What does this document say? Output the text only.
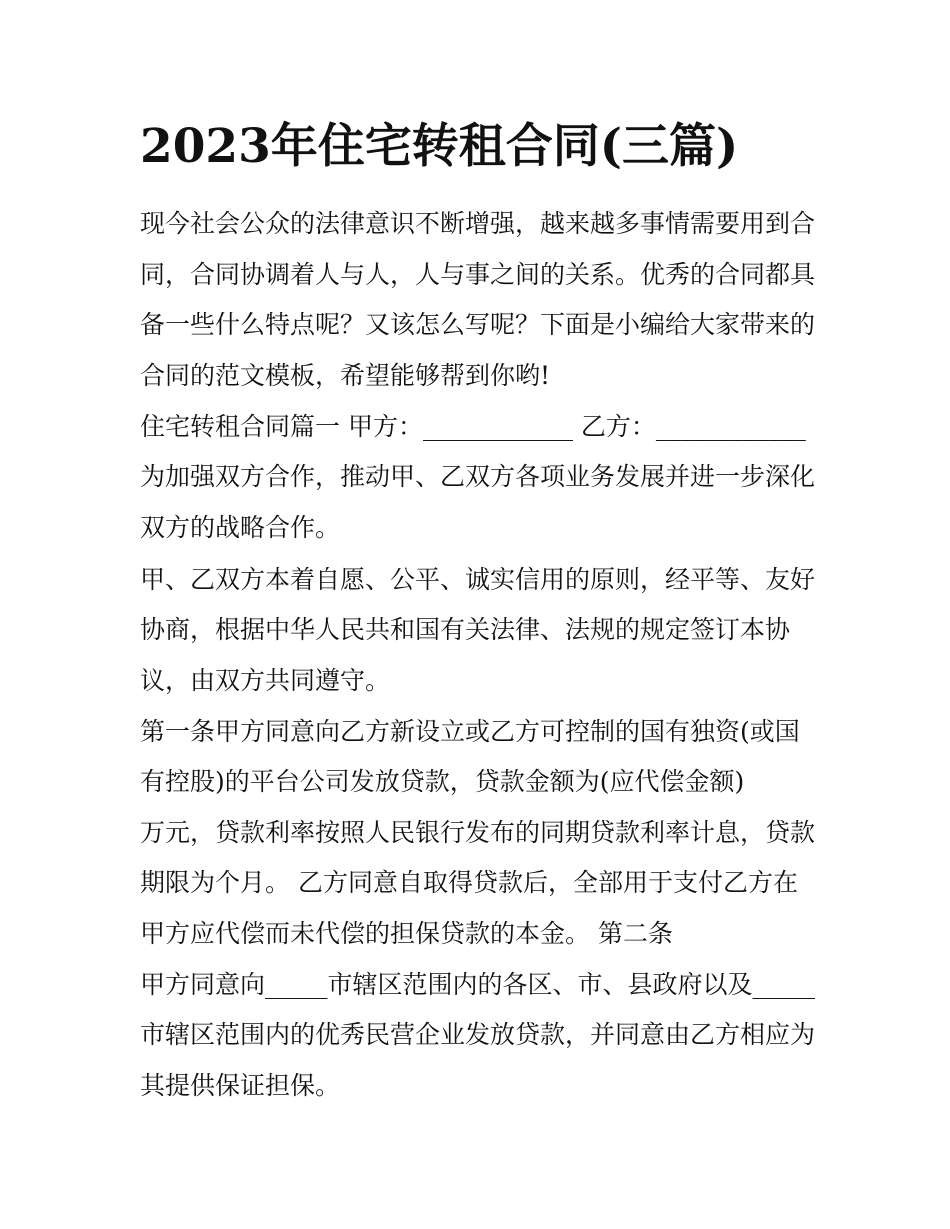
2023年住宅转租合同(三篇)

现今社会公众的法律意识不断增强，越来越多事情需要用到合

同，合同协调着人与人，人与事之间的关系。优秀的合同都具

备一些什么特点呢？又该怎么写呢？下面是小编给大家带来的

合同的范文模板，希望能够帮到你哟!

住宅转租合同篇一 甲方：____________ 乙方：____________

为加强双方合作，推动甲、乙双方各项业务发展并进一步深化

双方的战略合作。

甲、乙双方本着自愿、公平、诚实信用的原则，经平等、友好

协商，根据中华人民共和国有关法律、法规的规定签订本协

议，由双方共同遵守。

第一条甲方同意向乙方新设立或乙方可控制的国有独资(或国

有控股)的平台公司发放贷款，贷款金额为(应代偿金额)

万元，贷款利率按照人民银行发布的同期贷款利率计息，贷款

期限为个月。 乙方同意自取得贷款后，全部用于支付乙方在

甲方应代偿而未代偿的担保贷款的本金。 第二条

甲方同意向_____市辖区范围内的各区、市、县政府以及_____

市辖区范围内的优秀民营企业发放贷款，并同意由乙方相应为

其提供保证担保。
